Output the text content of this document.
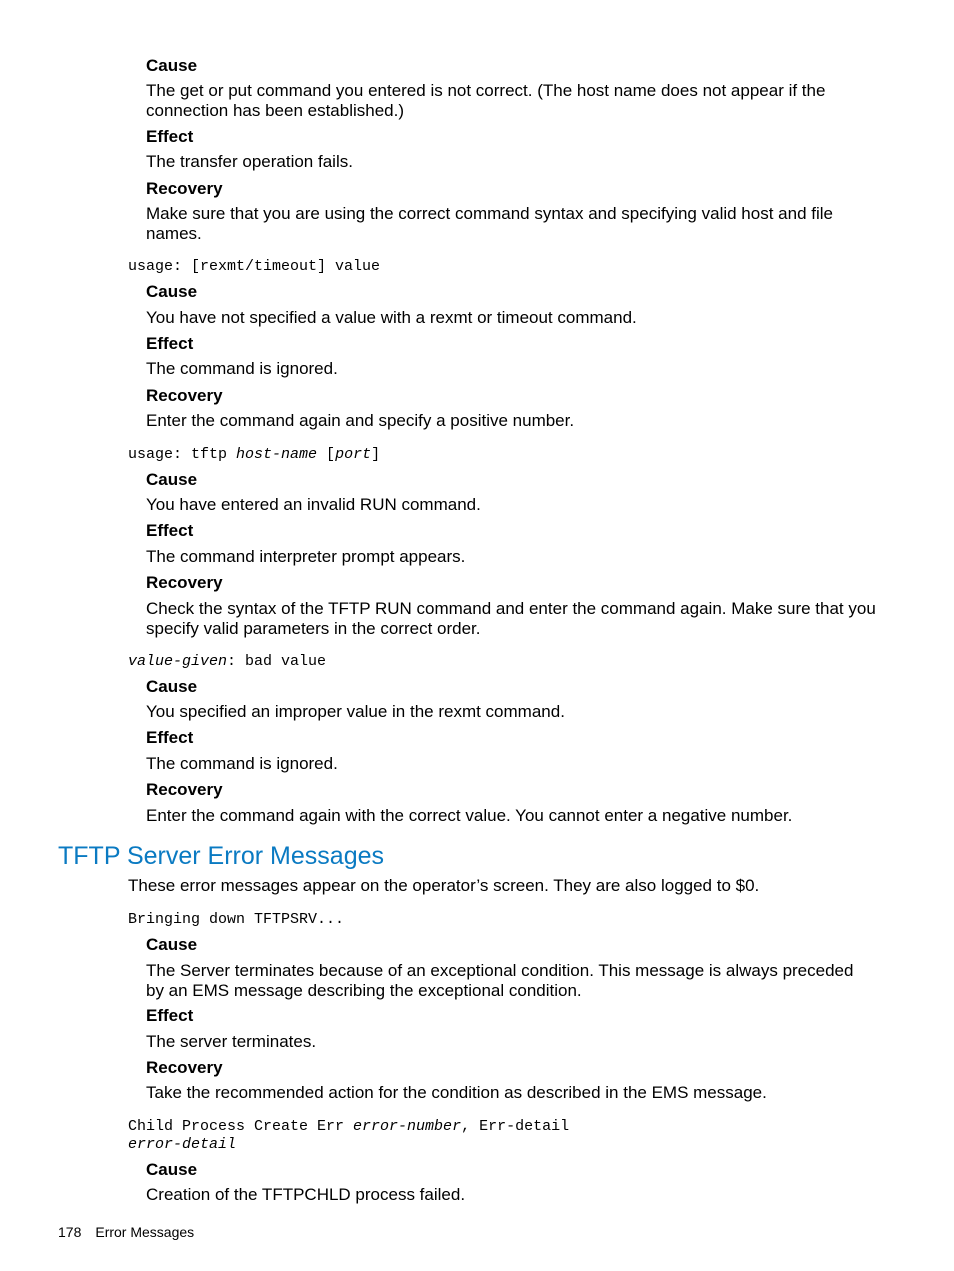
Cause
The get or put command you entered is not correct. (The host name does not appear if the
connection has been established.)
Effect
The transfer operation fails.
Recovery
Make sure that you are using the correct command syntax and specifying valid host and file
names.
usage: [rexmt/timeout] value
Cause
You have not specified a value with a rexmt or timeout command.
Effect
The command is ignored.
Recovery
Enter the command again and specify a positive number.
usage: tftp host-name [port]
Cause
You have entered an invalid RUN command.
Effect
The command interpreter prompt appears.
Recovery
Check the syntax of the TFTP RUN command and enter the command again. Make sure that you
specify valid parameters in the correct order.
value-given: bad value
Cause
You specified an improper value in the rexmt command.
Effect
The command is ignored.
Recovery
Enter the command again with the correct value. You cannot enter a negative number.
TFTP Server Error Messages
These error messages appear on the operator’s screen. They are also logged to $0.
Bringing down TFTPSRV...
Cause
The Server terminates because of an exceptional condition. This message is always preceded
by an EMS message describing the exceptional condition.
Effect
The server terminates.
Recovery
Take the recommended action for the condition as described in the EMS message.
Child Process Create Err error-number, Err-detail
error-detail
Cause
Creation of the TFTPCHLD process failed.
178 Error Messages
